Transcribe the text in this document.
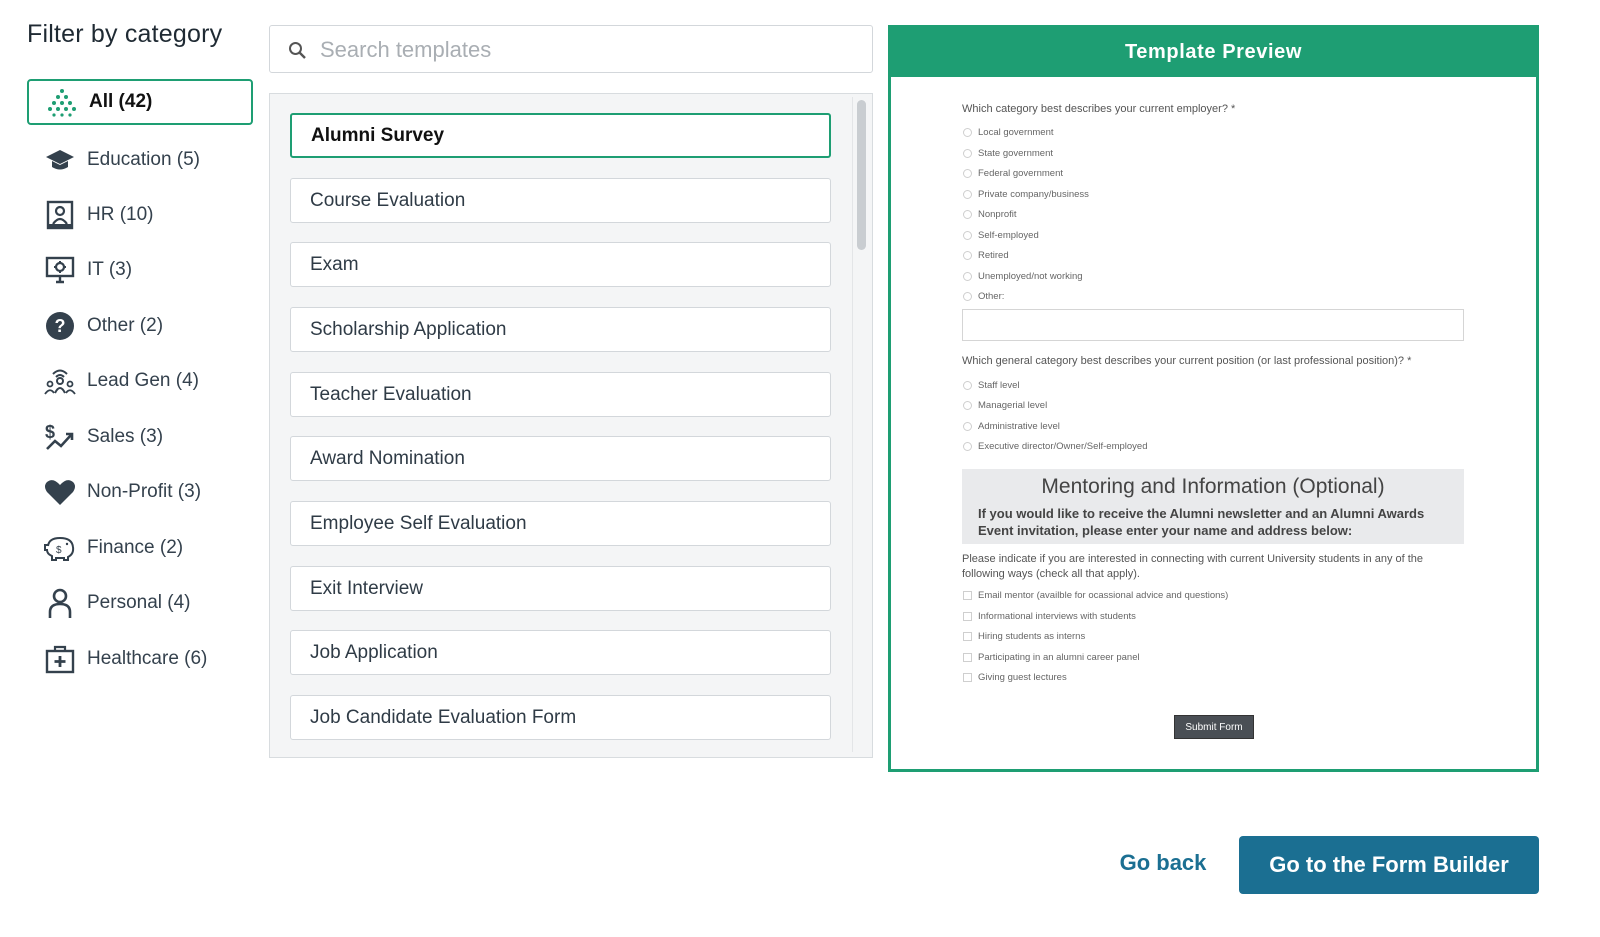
Filter by category
All (42)
Education (5)
HR (10)
IT (3)
? Other (2)
Lead Gen (4)
$ Sales (3)
Non-Profit (3)
$ Finance (2)
Personal (4)
Healthcare (6)
Search templates
Alumni Survey
Course Evaluation
Exam
Scholarship Application
Teacher Evaluation
Award Nomination
Employee Self Evaluation
Exit Interview
Job Application
Job Candidate Evaluation Form
Template Preview
Which category best describes your current employer? *
Local government
State government
Federal government
Private company/business
Nonprofit
Self-employed
Retired
Unemployed/not working
Other:
Which general category best describes your current position (or last professional position)? *
Staff level
Managerial level
Administrative level
Executive director/Owner/Self-employed
Mentoring and Information (Optional)
If you would like to receive the Alumni newsletter and an Alumni Awards Event invitation, please enter your name and address below:
Please indicate if you are interested in connecting with current University students in any of the following ways (check all that apply).
Email mentor (availble for ocassional advice and questions)
Informational interviews with students
Hiring students as interns
Participating in an alumni career panel
Giving guest lectures
Submit Form
Go back	Go to the Form Builder
